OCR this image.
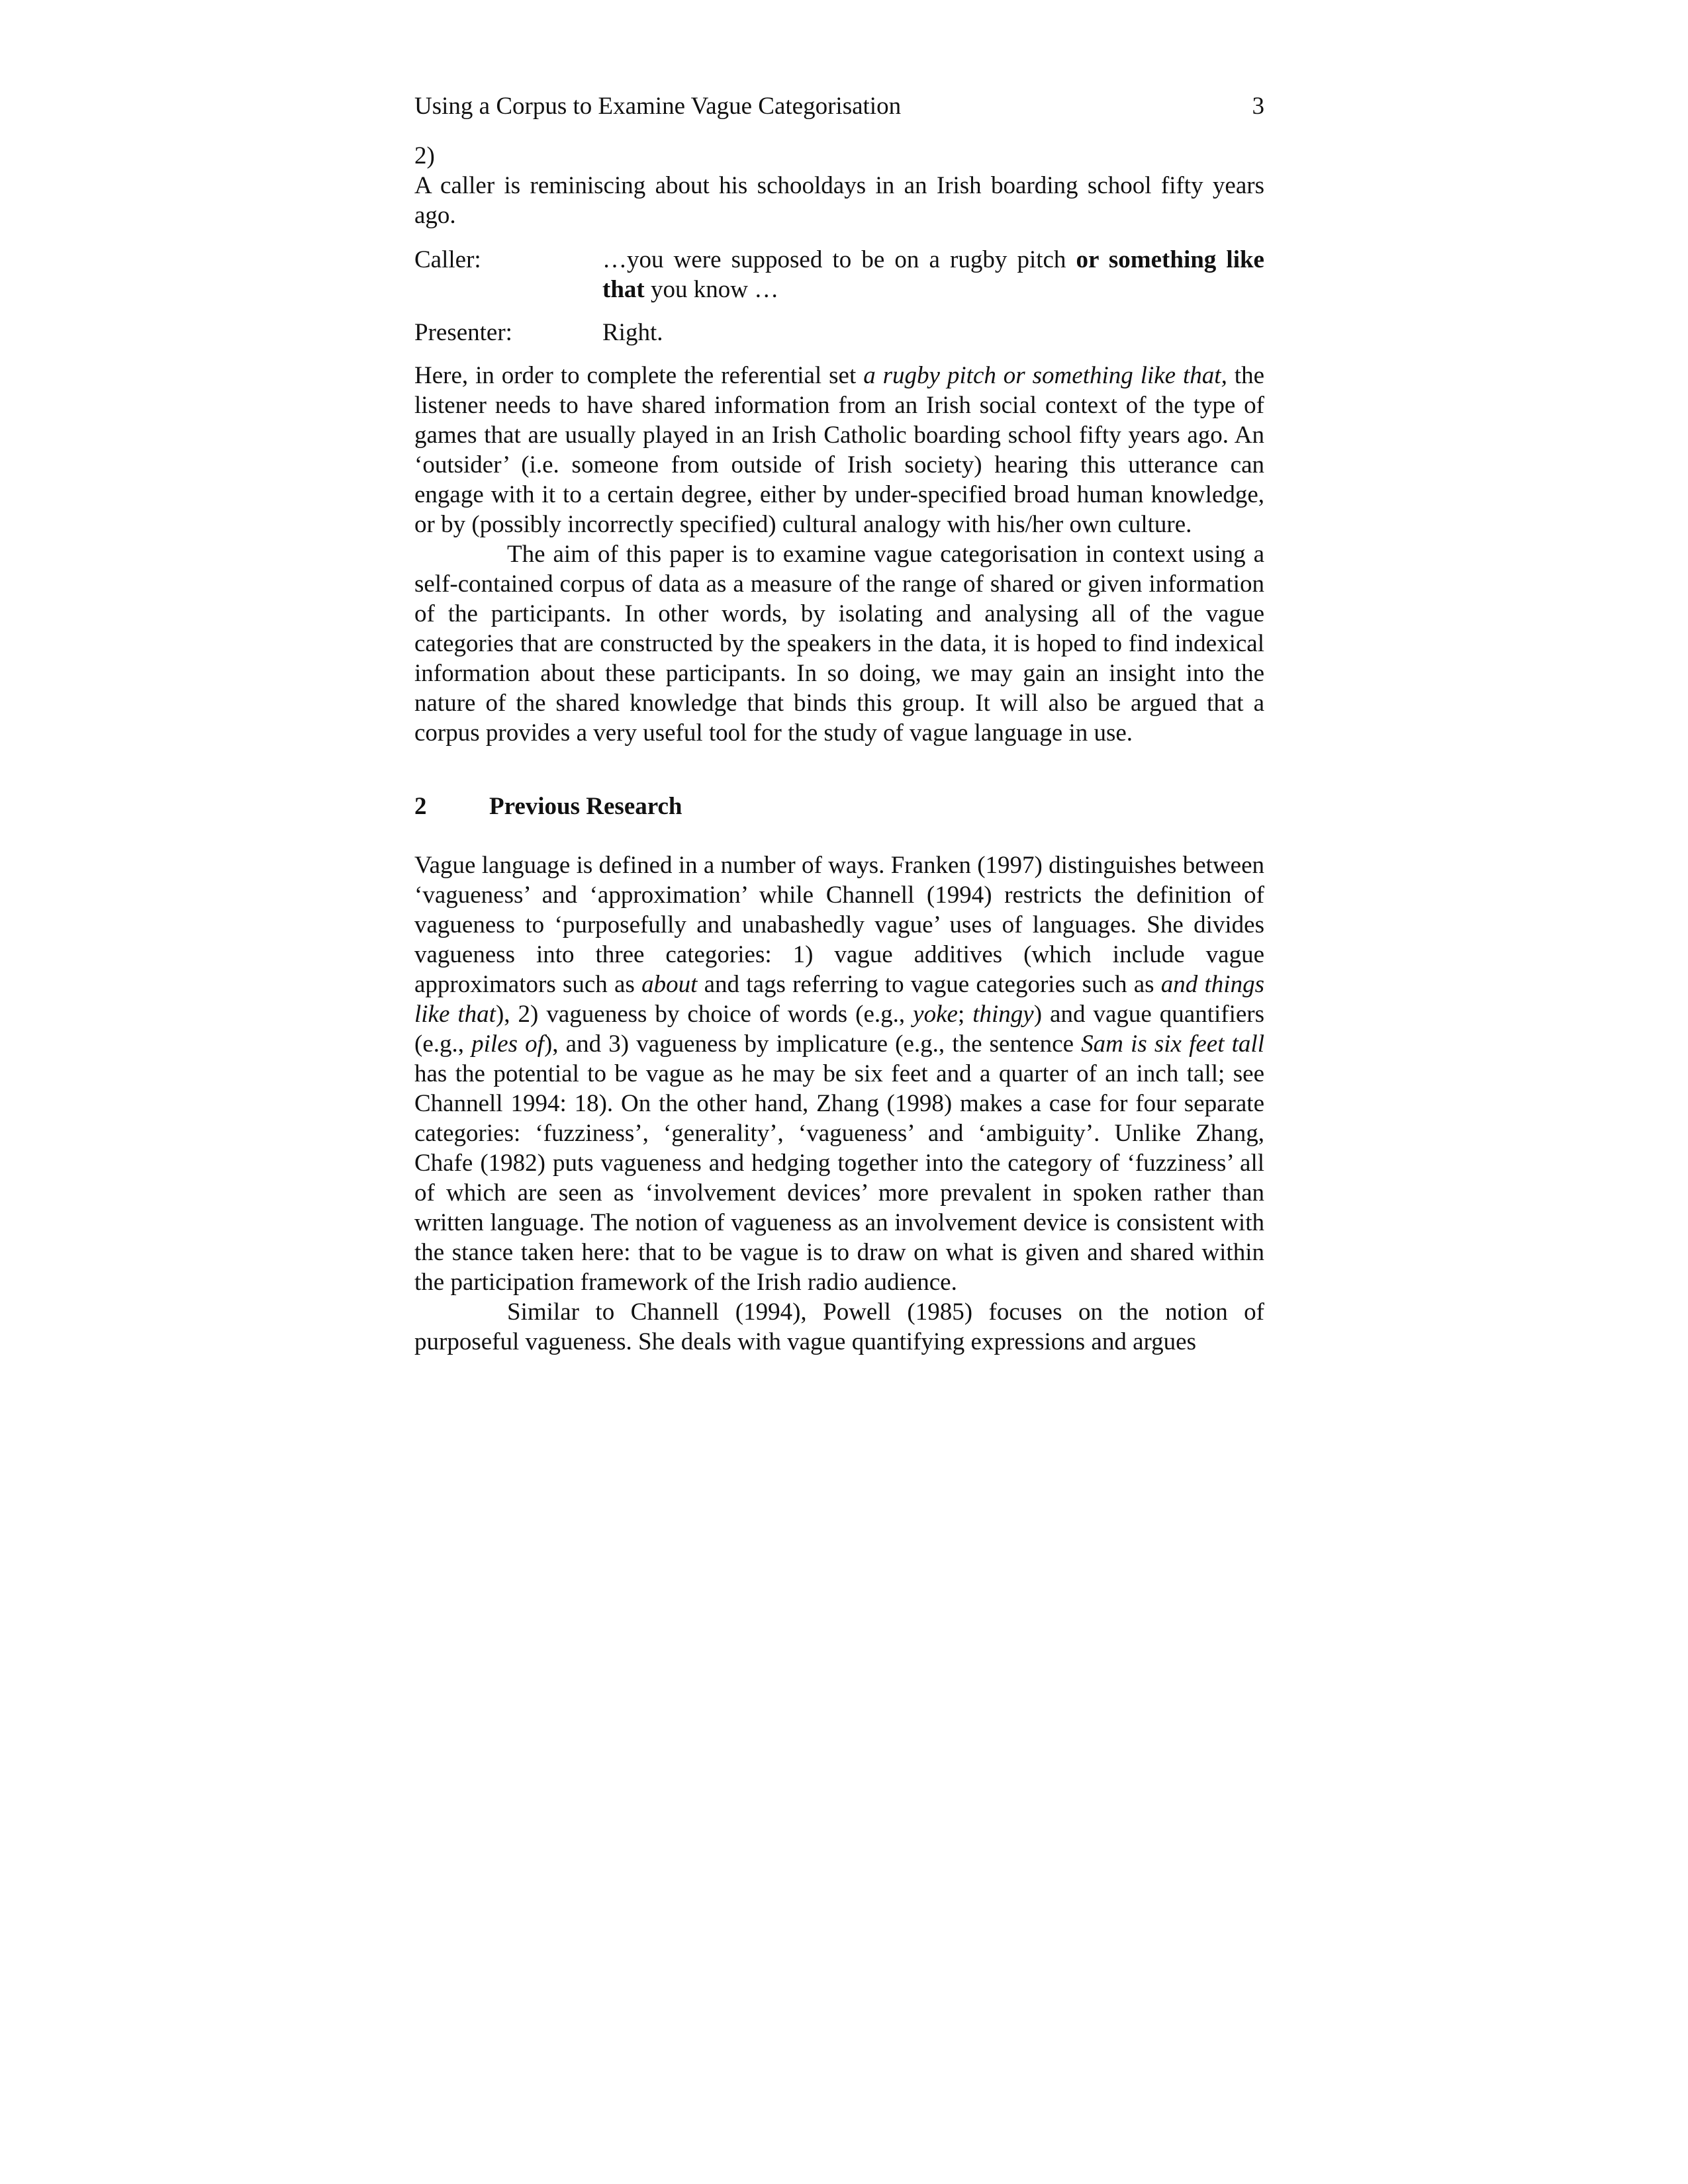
Using a Corpus to Examine Vague Categorisation	3

2)

A caller is reminiscing about his schooldays in an Irish boarding school fifty years ago.

Caller:	…you were supposed to be on a rugby pitch or something like that you know …
Presenter:	Right.

Here, in order to complete the referential set a rugby pitch or something like that, the listener needs to have shared information from an Irish social context of the type of games that are usually played in an Irish Catholic boarding school fifty years ago. An ‘outsider’ (i.e. someone from outside of Irish society) hearing this utterance can engage with it to a certain degree, either by under-specified broad human knowledge, or by (possibly incorrectly specified) cultural analogy with his/her own culture.

The aim of this paper is to examine vague categorisation in context using a self-contained corpus of data as a measure of the range of shared or given information of the participants. In other words, by isolating and analysing all of the vague categories that are constructed by the speakers in the data, it is hoped to find indexical information about these participants. In so doing, we may gain an insight into the nature of the shared knowledge that binds this group. It will also be argued that a corpus provides a very useful tool for the study of vague language in use.

2	Previous Research

Vague language is defined in a number of ways. Franken (1997) distinguishes between ‘vagueness’ and ‘approximation’ while Channell (1994) restricts the definition of vagueness to ‘purposefully and unabashedly vague’ uses of languages. She divides vagueness into three categories: 1) vague additives (which include vague approximators such as about and tags referring to vague categories such as and things like that), 2) vagueness by choice of words (e.g., yoke; thingy) and vague quantifiers (e.g., piles of), and 3) vagueness by implicature (e.g., the sentence Sam is six feet tall has the potential to be vague as he may be six feet and a quarter of an inch tall; see Channell 1994: 18). On the other hand, Zhang (1998) makes a case for four separate categories: ‘fuzziness’, ‘generality’, ‘vagueness’ and ‘ambiguity’. Unlike Zhang, Chafe (1982) puts vagueness and hedging together into the category of ‘fuzziness’ all of which are seen as ‘involvement devices’ more prevalent in spoken rather than written language. The notion of vagueness as an involvement device is consistent with the stance taken here: that to be vague is to draw on what is given and shared within the participation framework of the Irish radio audience.

Similar to Channell (1994), Powell (1985) focuses on the notion of purposeful vagueness. She deals with vague quantifying expressions and argues
